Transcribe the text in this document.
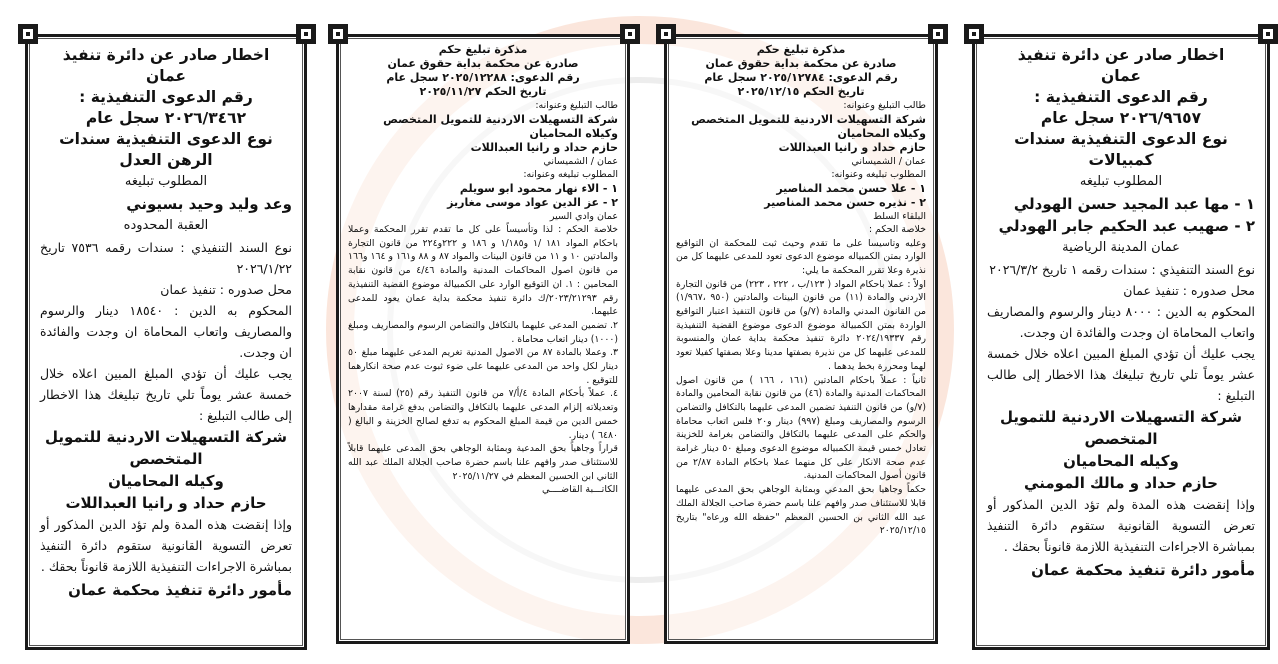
اخطار صادر عن دائرة تنفيذ
عمان
رقم الدعوى التنفيذية :
٢٠٢٦/٩٦٥٧ سجل عام
نوع الدعوى التنفيذية سندات كمبيالات
المطلوب تبليغه
١ - مها عبد المجيد حسن الهودلي
٢ - صهيب عبد الحكيم جابر الهودلي
عمان المدينة الرياضية
نوع السند التنفيذي : سندات رقمه ١ تاريخ ٢٠٢٦/٣/٢
محل صدوره : تنفيذ عمان
المحكوم به الدين : ٨٠٠٠ دينار والرسوم والمصاريف واتعاب المحاماة ان وجدت والفائدة ان وجدت.
يجب عليك أن تؤدي المبلغ المبين اعلاه خلال خمسة عشر يوماً تلي تاريخ تبليغك هذا الاخطار إلى طالب التبليغ :
شركة التسهيلات الاردنية للتمويل
المتخصص
وكيله المحاميان
حازم حداد و مالك المومني
وإذا إنقضت هذه المدة ولم تؤد الدين المذكور أو تعرض التسوية القانونية ستقوم دائرة التنفيذ بمباشرة الاجراءات التنفيذية اللازمة قانوناً بحقك .
مأمور دائرة تنفيذ محكمة عمان
مذكرة تبليغ حكم
صادرة عن محكمة بداية حقوق عمان
رقم الدعوى: ٢٠٢٥/١٢٧٨٤ سجل عام
تاريخ الحكم ٢٠٢٥/١٢/١٥
طالب التبليغ وعنوانه:
شركة التسهيلات الاردنية للتمويل المتخصص
وكيلاه المحاميان
حازم حداد و رانيا العبداللات
عمان / الشميساني
المطلوب تبليغه وعنوانه:
١ - علا حسن محمد المناصير
٢ - نذيره حسن محمد المناصير
البلقاء السلط
خلاصة الحكم :
وعليه وتاسيسا على ما تقدم وحيث ثبت للمحكمة ان التواقيع الوارد بمتن الكمبياله موضوع الدعوى تعود للمدعى عليهما كل من نذيرة وعلا تقرر المحكمة ما يلي:
اولاً : عملا باحكام المواد ( ١٢٣/ب ، ٢٢٢ ، ٢٢٣) من قانون التجارة الاردني والمادة (١١) من قانون البينات والمادتين (٩٥٠ ،١/٩٦٧) من القانون المدني والمادة (٧/و) من قانون التنفيذ اعتبار التواقيع الواردة بمتن الكمبيالة موضوع الدعوى موضوع القضية التنفيذية رقم ٢٠٢٤/١٩٣٣٧ دائرة تنفيذ محكمة بداية عمان والمنسوبة للمدعى عليهما كل من نذيرة بصفتها مدينا وعلا بصفتها كفيلا تعود لهما ومحررة بخط يدهما .
ثانياً : عملاً باحكام المادتين (١٦١ ، ١٦٦ ) من قانون اصول المحاكمات المدنية والمادة (٤٦) من قانون نقابة المحامين والمادة (٧/و) من قانون التنفيذ تضمين المدعى عليهما بالتكافل والتضامن الرسوم والمصاريف ومبلغ (٩٩٧) دينار و٢٠ فلس اتعاب محاماة والحكم على المدعى عليهما بالتكافل والتضامن بغرامة للخزينة تعادل خمس قيمة الكمبياله موضوع الدعوى ومبلغ ٥٠ دينار غرامة عدم صحة الانكار على كل منهما عملا باحكام المادة ٢/٨٧ من قانون أصول المحاكمات المدنية.
حكماً وجاهيا بحق المدعي وبمثابة الوجاهي بحق المدعى عليهما قابلا للاستئناف صدر وافهم علنا باسم حضرة صاحب الجلالة الملك عبد الله الثاني بن الحسين المعظم "حفظه الله ورعاه" بتاريخ ٢٠٢٥/١٢/١٥
مذكرة تبليغ حكم
صادرة عن محكمة بداية حقوق عمان
رقم الدعوى: ٢٠٢٥/١٢٢٨٨ سجل عام
تاريخ الحكم ٢٠٢٥/١١/٢٧
طالب التبليغ وعنوانه:
شركة التسهيلات الاردنية للتمويل المتخصص
وكيلاه المحاميان
حازم حداد و رانيا العبداللات
عمان / الشميساني
المطلوب تبليغه وعنوانه:
١ - الاء نهار محمود ابو سويلم
٢ - عز الدين عواد موسى مغاريز
عمان وادي السير
خلاصة الحكم : لذا وتأسيساً على كل ما تقدم تقرر المحكمة وعملا باحكام المواد ١٨١ /١ و١/١٨٥ و ١٨٦ و ٢٢٢و٢٢٤ من قانون التجارة والمادتين ١٠ و ١١ من قانون البينات والمواد ٨٧ و ٨٨ و١٦١ و ١٦٤ و١٦٦ من قانون اصول المحاكمات المدنية والمادة ٤/٤٦ من قانون نقابة المحامين : ١. ان التوقيع الوارد على الكمبيالة موضوع القضية التنفيذية رقم ٢٠٢٣/٢١٢٩٣/ك دائرة تنفيذ محكمة بداية عمان يعود للمدعى عليهما.
٢. تضمين المدعى عليهما بالتكافل والتضامن الرسوم والمصاريف ومبلغ (١٠٠٠) دينار اتعاب محاماة .
٣. وعملا بالمادة ٨٧ من الاصول المدنية تغريم المدعى عليهما مبلغ ٥٠ دينار لكل واحد من المدعى عليهما على ضوء ثبوت عدم صحة انكارهما للتوقيع .
٤. عملاً بأحكام المادة ٤/أ/٧ من قانون التنفيذ رقم (٢٥) لسنة ٢٠٠٧ وتعديلاته إلزام المدعى عليهما بالتكافل والتضامن بدفع غرامة مقدارها خمس الدين من قيمة المبلغ المحكوم به تدفع لصالح الخزينة و البالغ ( ٦٤٨٠ ) دينار.
قراراً وجاهياً بحق المدعية وبمثابة الوجاهي بحق المدعى عليهما قابلاً للاستئناف صدر وافهم علنا باسم حضرة صاحب الجلالة الملك عبد الله الثاني ابن الحسين المعظم في ٢٠٢٥/١١/٢٧
الكاتـــبة القاضــــي
اخطار صادر عن دائرة تنفيذ
عمان
رقم الدعوى التنفيذية :
٢٠٢٦/٣٤٦٢ سجل عام
نوع الدعوى التنفيذية سندات الرهن العدل
المطلوب تبليغه
وعد وليد وحيد بسيوني
العقبة المحدوده
نوع السند التنفيذي : سندات رقمه ٧٥٣٦ تاريخ ٢٠٢٦/١/٢٢
محل صدوره : تنفيذ عمان
المحكوم به الدين : ١٨٥٤٠ دينار والرسوم والمصاريف واتعاب المحاماة ان وجدت والفائدة ان وجدت.
يجب عليك أن تؤدي المبلغ المبين اعلاه خلال خمسة عشر يوماً تلي تاريخ تبليغك هذا الاخطار إلى طالب التبليغ :
شركة التسهيلات الاردنية للتمويل
المتخصص
وكيله المحاميان
حازم حداد و رانيا العبداللات
وإذا إنقضت هذه المدة ولم تؤد الدين المذكور أو تعرض التسوية القانونية ستقوم دائرة التنفيذ بمباشرة الاجراءات التنفيذية اللازمة قانوناً بحقك .
مأمور دائرة تنفيذ محكمة عمان
